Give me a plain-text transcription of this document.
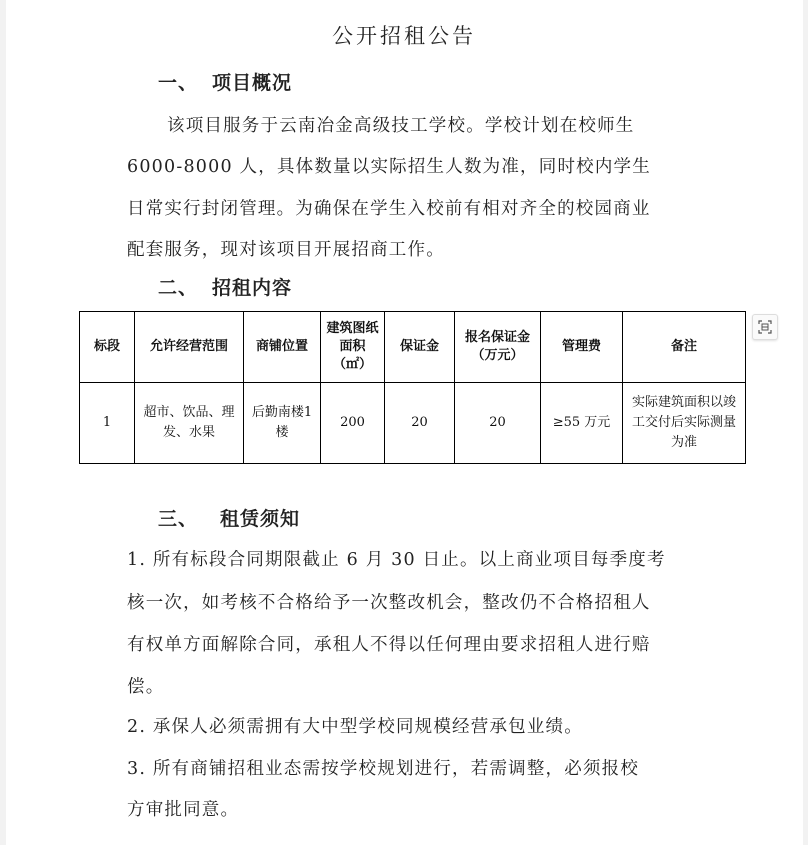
公开招租公告
一、 项目概况
该项目服务于云南冶金高级技工学校。学校计划在校师生
6000-8000 人，具体数量以实际招生人数为准，同时校内学生
日常实行封闭管理。为确保在学生入校前有相对齐全的校园商业
配套服务，现对该项目开展招商工作。
二、 招租内容
标段	允许经营范围	商铺位置	建筑图纸面积（㎡）	保证金	报名保证金（万元）	管理费	备注
1	超市、饮品、理发、水果	后勤南楼1楼	200	20	20	≥55 万元	实际建筑面积以竣工交付后实际测量为准
三、 租赁须知
1. 所有标段合同期限截止 6 月 30 日止。以上商业项目每季度考
核一次，如考核不合格给予一次整改机会，整改仍不合格招租人
有权单方面解除合同，承租人不得以任何理由要求招租人进行赔
偿。
2. 承保人必须需拥有大中型学校同规模经营承包业绩。
3. 所有商铺招租业态需按学校规划进行，若需调整，必须报校
方审批同意。
